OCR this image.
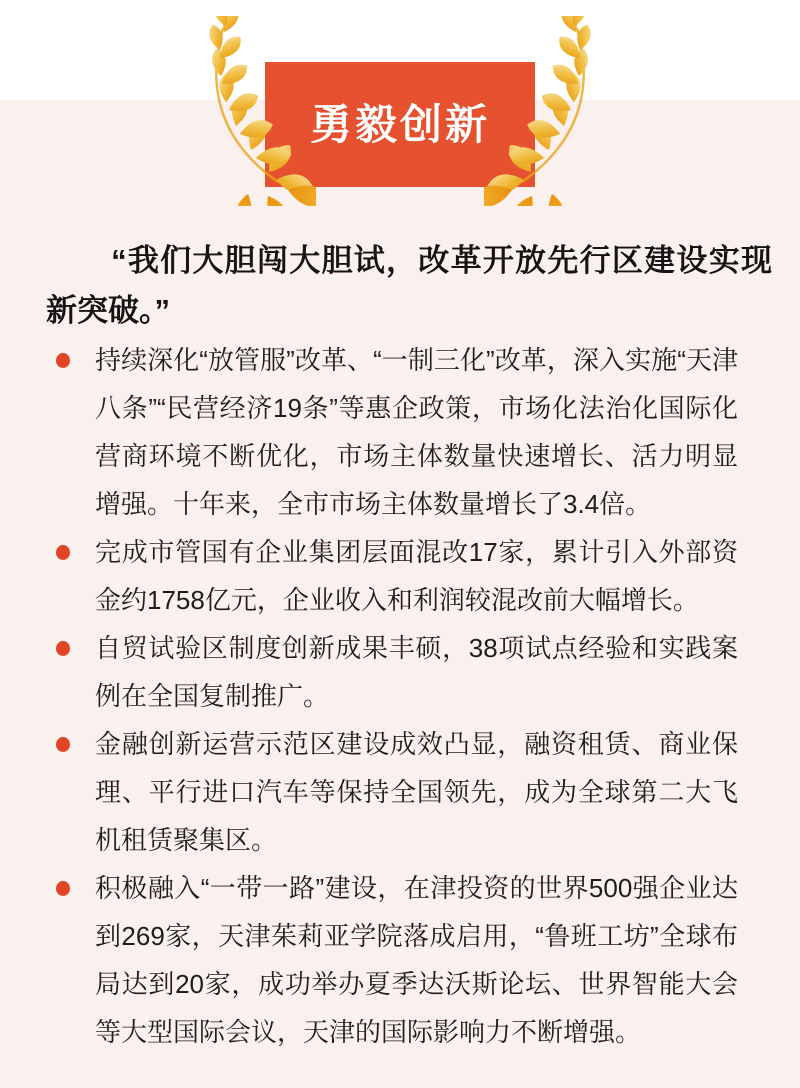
勇毅创新

“我们大胆闯大胆试，改革开放先行区建设实现新突破。”

持续深化“放管服”改革、“一制三化”改革，深入实施“天津八条”“民营经济19条”等惠企政策，市场化法治化国际化营商环境不断优化，市场主体数量快速增长、活力明显增强。十年来，全市市场主体数量增长了3.4倍。
完成市管国有企业集团层面混改17家，累计引入外部资金约1758亿元，企业收入和利润较混改前大幅增长。
自贸试验区制度创新成果丰硕，38项试点经验和实践案例在全国复制推广。
金融创新运营示范区建设成效凸显，融资租赁、商业保理、平行进口汽车等保持全国领先，成为全球第二大飞机租赁聚集区。
积极融入“一带一路”建设，在津投资的世界500强企业达到269家，天津茱莉亚学院落成启用，“鲁班工坊”全球布局达到20家，成功举办夏季达沃斯论坛、世界智能大会等大型国际会议，天津的国际影响力不断增强。
